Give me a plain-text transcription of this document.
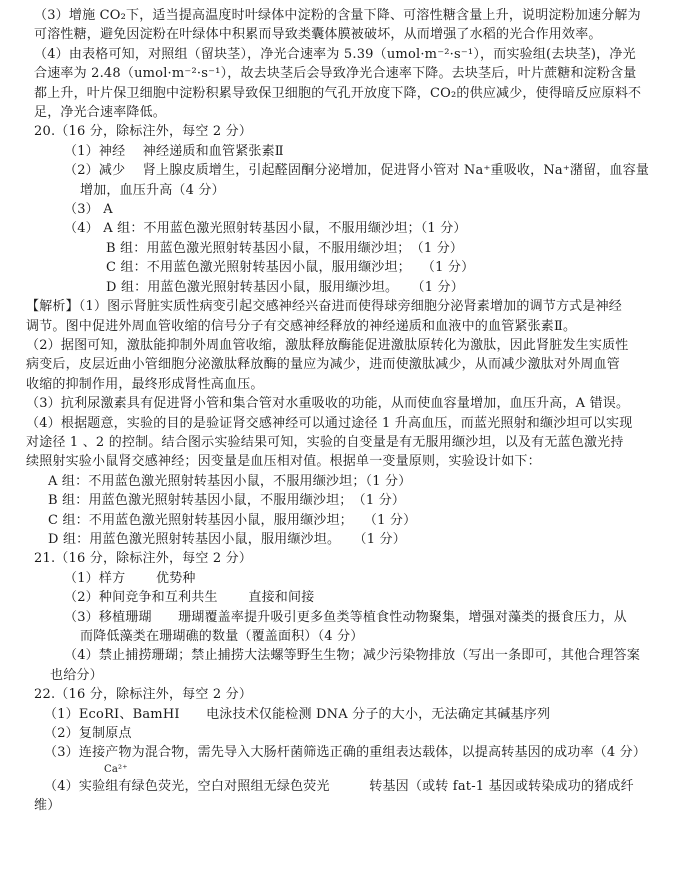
（3）增施 CO₂下，适当提高温度时叶绿体中淀粉的含量下降、可溶性糖含量上升，说明淀粉加速分解为
可溶性糖，避免因淀粉在叶绿体中积累而导致类囊体膜被破坏，从而增强了水稻的光合作用效率。
（4）由表格可知，对照组（留块茎），净光合速率为 5.39（umol·m⁻²·s⁻¹），而实验组(去块茎)，净光
合速率为 2.48（umol·m⁻²·s⁻¹），故去块茎后会导致净光合速率下降。去块茎后，叶片蔗糖和淀粉含量
都上升，叶片保卫细胞中淀粉积累导致保卫细胞的气孔开放度下降，CO₂的供应减少，使得暗反应原料不
足，净光合速率降低。
20.（16 分，除标注外，每空 2 分）
（1）神经　 神经递质和血管紧张素Ⅱ
（2）减少　 肾上腺皮质增生，引起醛固酮分泌增加，促进肾小管对 Na⁺重吸收，Na⁺潴留，血容量
增加，血压升高（4 分）
（3） A
（4） A 组：不用蓝色激光照射转基因小鼠，不服用缬沙坦；（1 分）
B 组：用蓝色激光照射转基因小鼠，不服用缬沙坦；　（1 分）
C 组：不用蓝色激光照射转基因小鼠，服用缬沙坦；　 （1 分）
D 组：用蓝色激光照射转基因小鼠，服用缬沙坦。　　（1 分）
【解析】（1）图示肾脏实质性病变引起交感神经兴奋进而使得球旁细胞分泌肾素增加的调节方式是神经
调节。图中促进外周血管收缩的信号分子有交感神经释放的神经递质和血液中的血管紧张素Ⅱ。
（2）据图可知，激肽能抑制外周血管收缩，激肽释放酶能促进激肽原转化为激肽，因此肾脏发生实质性
病变后，皮层近曲小管细胞分泌激肽释放酶的量应为减少，进而使激肽减少，从而减少激肽对外周血管
收缩的抑制作用，最终形成肾性高血压。
（3）抗利尿激素具有促进肾小管和集合管对水重吸收的功能，从而使血容量增加，血压升高，A 错误。
（4）根据题意，实验的目的是验证肾交感神经可以通过途径 1 升高血压，而蓝光照射和缬沙坦可以实现
对途径 1 、2 的控制。结合图示实验结果可知，实验的自变量是有无服用缬沙坦，以及有无蓝色激光持
续照射实验小鼠肾交感神经；因变量是血压相对值。根据单一变量原则，实验设计如下：
A 组：不用蓝色激光照射转基因小鼠，不服用缬沙坦；（1 分）
B 组：用蓝色激光照射转基因小鼠，不服用缬沙坦；　（1 分）
C 组：不用蓝色激光照射转基因小鼠，服用缬沙坦；　 （1 分）
D 组：用蓝色激光照射转基因小鼠，服用缬沙坦。　　（1 分）
21.（16 分，除标注外，每空 2 分）
（1）样方　　 优势种
（2）种间竞争和互利共生　　 直接和间接
（3）移植珊瑚　　珊瑚覆盖率提升吸引更多鱼类等植食性动物聚集，增强对藻类的摄食压力，从
而降低藻类在珊瑚礁的数量（覆盖面积）（4 分）
（4）禁止捕捞珊瑚；禁止捕捞大法螺等野生生物；减少污染物排放（写出一条即可，其他合理答案
也给分）
22.（16 分，除标注外，每空 2 分）
（1）EcoRⅠ、BamHⅠ　　电泳技术仅能检测 DNA 分子的大小，无法确定其碱基序列
（2）复制原点
（3）连接产物为混合物，需先导入大肠杆菌筛选正确的重组表达载体，以提高转基因的成功率（4 分）
Ca²⁺
（4）实验组有绿色荧光，空白对照组无绿色荧光　　　转基因（或转 fat-1 基因或转染成功的猪成纤
维）
